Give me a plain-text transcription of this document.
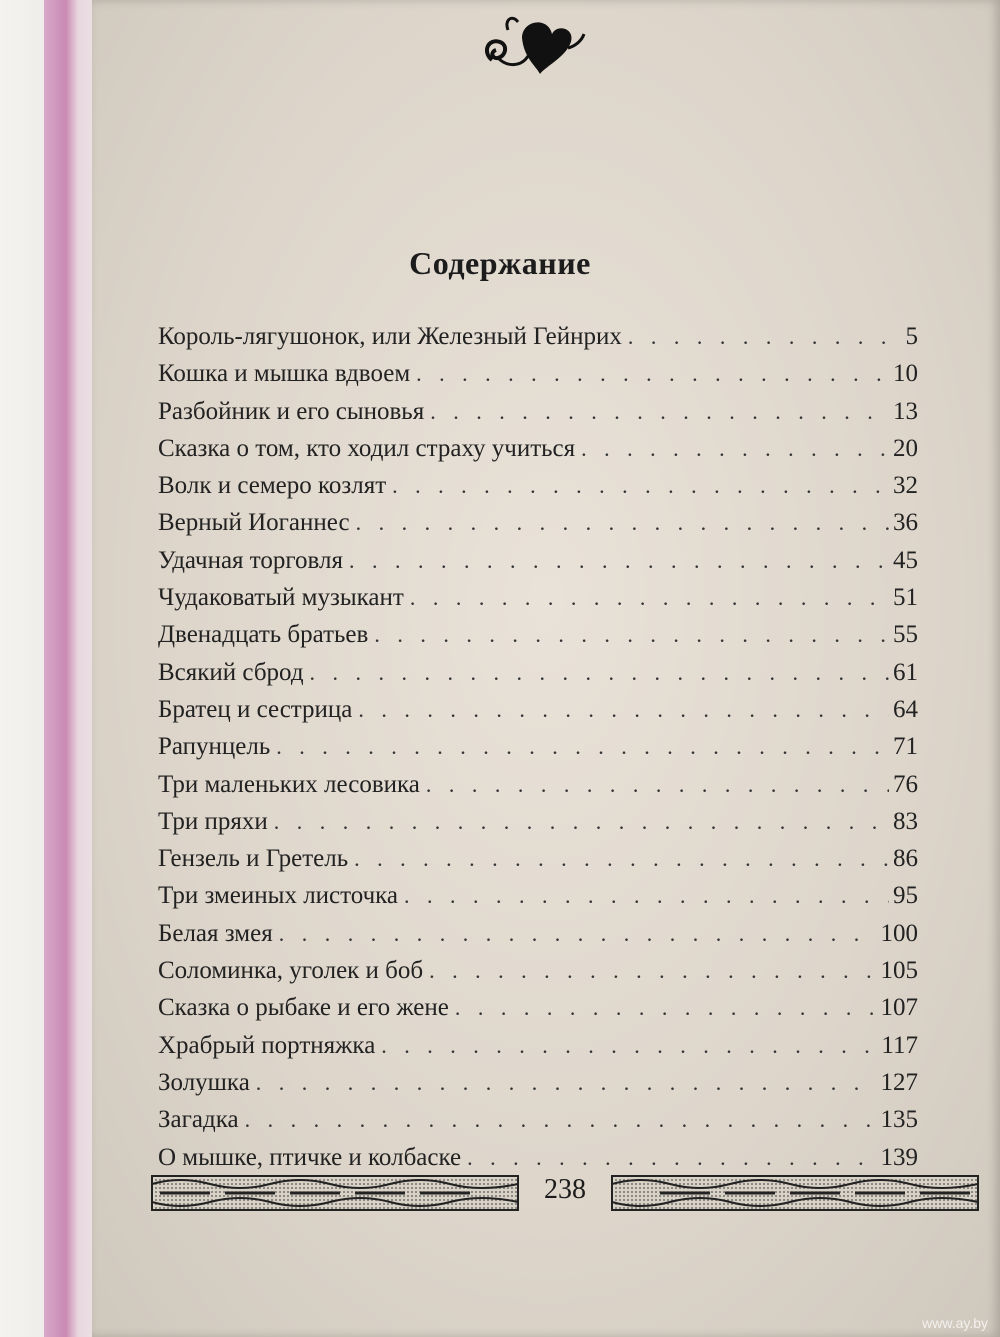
Содержание
Король-лягушонок, или Железный Гейнрих . . .	5
Кошка и мышка вдвоем . . .	10
Разбойник и его сыновья . . .	13
Сказка о том, кто ходил страху учиться . . .	20
Волк и семеро козлят . . .	32
Верный Иоганнес . . .	36
Удачная торговля . . .	45
Чудаковатый музыкант . . .	51
Двенадцать братьев . . .	55
Всякий сброд . . .	61
Братец и сестрица . . .	64
Рапунцель . . .	71
Три маленьких лесовика . . .	76
Три пряхи . . .	83
Гензель и Гретель . . .	86
Три змеиных листочка . . .	95
Белая змея . . .	100
Соломинка, уголек и боб . . .	105
Сказка о рыбаке и его жене . . .	107
Храбрый портняжка . . .	117
Золушка . . .	127
Загадка . . .	135
О мышке, птичке и колбаске . . .	139
238
www.ay.by
